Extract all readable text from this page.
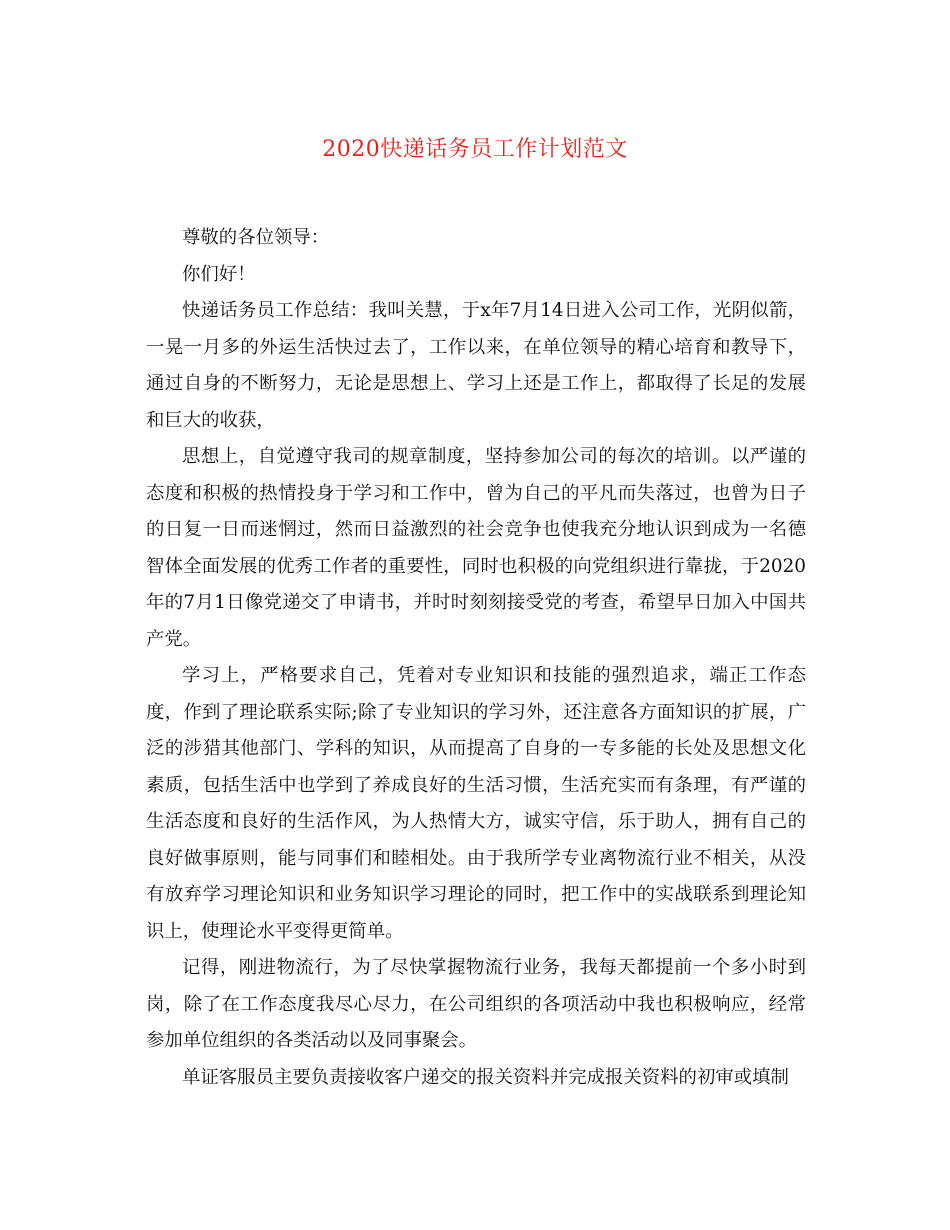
2020快递话务员工作计划范文

尊敬的各位领导：

你们好！

快递话务员工作总结：我叫关慧，于x年7月14日进入公司工作，光阴似箭，一晃一月多的外运生活快过去了，工作以来，在单位领导的精心培育和教导下，通过自身的不断努力，无论是思想上、学习上还是工作上，都取得了长足的发展和巨大的收获，

思想上，自觉遵守我司的规章制度，坚持参加公司的每次的培训。以严谨的态度和积极的热情投身于学习和工作中，曾为自己的平凡而失落过，也曾为日子的日复一日而迷惘过，然而日益激烈的社会竞争也使我充分地认识到成为一名德智体全面发展的优秀工作者的重要性，同时也积极的向党组织进行靠拢，于2020年的7月1日像党递交了申请书，并时时刻刻接受党的考查，希望早日加入中国共产党。

学习上，严格要求自己，凭着对专业知识和技能的强烈追求，端正工作态度，作到了理论联系实际;除了专业知识的学习外，还注意各方面知识的扩展，广泛的涉猎其他部门、学科的知识，从而提高了自身的一专多能的长处及思想文化素质，包括生活中也学到了养成良好的生活习惯，生活充实而有条理，有严谨的生活态度和良好的生活作风，为人热情大方，诚实守信，乐于助人，拥有自己的良好做事原则，能与同事们和睦相处。由于我所学专业离物流行业不相关，从没有放弃学习理论知识和业务知识学习理论的同时，把工作中的实战联系到理论知识上，使理论水平变得更简单。

记得，刚进物流行，为了尽快掌握物流行业务，我每天都提前一个多小时到岗，除了在工作态度我尽心尽力，在公司组织的各项活动中我也积极响应，经常参加单位组织的各类活动以及同事聚会。

单证客服员主要负责接收客户递交的报关资料并完成报关资料的初审或填制
